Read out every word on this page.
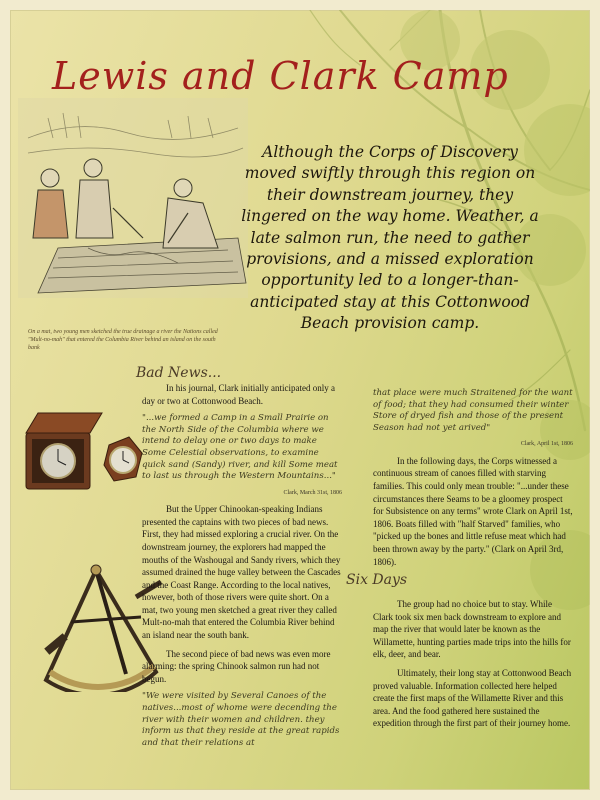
Lewis and Clark Camp
On a mat, two young men sketched the true drainage a river the Nations called "Mult-no-mah" that entered the Columbia River behind an island on the south bank
Although the Corps of Discovery moved swiftly through this region on their downstream journey, they lingered on the way home. Weather, a late salmon run, the need to gather provisions, and a missed exploration opportunity led to a longer-than-anticipated stay at this Cottonwood Beach provision camp.
Bad News...

In his journal, Clark initially anticipated only a day or two at Cottonwood Beach.

"...we formed a Camp in a Small Prairie on the North Side of the Columbia where we intend to delay one or two days to make Some Celestial observations, to examine quick sand (Sandy) river, and kill Some meat to last us through the Western Mountains..."

Clark, March 31st, 1806

But the Upper Chinookan-speaking Indians presented the captains with two pieces of bad news. First, they had missed exploring a crucial river. On the downstream journey, the explorers had mapped the mouths of the Washougal and Sandy rivers, which they assumed drained the huge valley between the Cascades and the Coast Range. According to the local natives, however, both of those rivers were quite short. On a mat, two young men sketched a great river they called Mult-no-mah that entered the Columbia River behind an island near the south bank.

The second piece of bad news was even more alarming: the spring Chinook salmon run had not begun.

"We were visited by Several Canoes of the natives...most of whome were decending the river with their women and children. they inform us that they reside at the great rapids and that their relations at

that place were much Straitened for the want of food; that they had consumed their winter Store of dryed fish and those of the present Season had not yet arived"

Clark, April 1st, 1806

In the following days, the Corps witnessed a continuous stream of canoes filled with starving families. This could only mean trouble: "...under these circumstances there Seams to be a gloomey prospect for Subsistence on any terms" wrote Clark on April 1st, 1806. Boats filled with "half Starved" families, who "picked up the bones and little refuse meat which had been thrown away by the party." (Clark on April 3rd, 1806).

Six Days

The group had no choice but to stay. While Clark took six men back downstream to explore and map the river that would later be known as the Willamette, hunting parties made trips into the hills for elk, deer, and bear.

Ultimately, their long stay at Cottonwood Beach proved valuable. Information collected here helped create the first maps of the Willamette River and this area. And the food gathered here sustained the expedition through the first part of their journey home.
